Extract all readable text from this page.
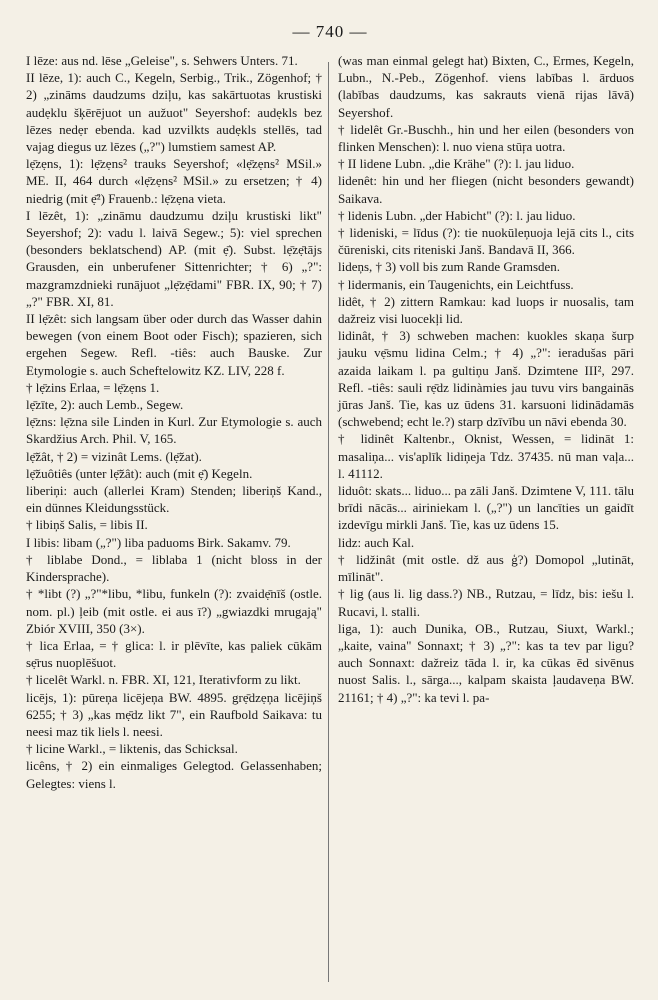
— 740 —

I lēze: aus nd. lēse „Geleise", s. Sehwers Unters. 71.

II lēze, 1): auch C., Kegeln, Serbig., Trik., Zögenhof; † 2) „zināms daudzums dziļu, kas sakārtuotas krustiski audẹklu šķērējuot un aužuot" Seyershof: audẹkls bez lēzes nedẹr ebenda. kad uzvilkts audẹkls stellēs, tad vajag diegus uz lēzes („?") lumstiem samest AP.

lẹ̄zẹns, 1): lẹ̄zẹns² trauks Seyershof; «lẹ̄zẹns² MSil.» ME. II, 464 durch «lẹ̄zẹns² MSil.» zu ersetzen; † 4) niedrig (mit ẹ̄²) Frauenb.: lẹ̄zẹna vieta.

I lēzêt, 1): „zināmu daudzumu dziļu krustiski likt" Seyershof; 2): vadu l. laivā Segew.; 5): viel sprechen (besonders beklatschend) AP. (mit ẹ̄). Subst. lẹ̄zẹ̄tājs Grausden, ein unberufener Sittenrichter; † 6) „?": mazgramzdnieki runājuot „lẹ̄zẹ̄dami" FBR. IX, 90; † 7) „?" FBR. XI, 81.

II lẹ̄zêt: sich langsam über oder durch das Wasser dahin bewegen (von einem Boot oder Fisch); spazieren, sich ergehen Segew. Refl. -tiês: auch Bauske. Zur Etymologie s. auch Scheftelowitz KZ. LIV, 228 f.

† lẹ̄zins Erlaa, = lẹ̄zẹns 1.

lẹ̄zīte, 2): auch Lemb., Segew.

lẹ̄zns: lẹ̄zna sile Linden in Kurl. Zur Etymologie s. auch Skardžius Arch. Phil. V, 165.

lẹ̄žât, † 2) = vizinât Lems. (lẹ̄žat).

lẹ̄žuôtiês (unter lẹ̄žât): auch (mit ẹ̄) Kegeln.

liberiņi: auch (allerlei Kram) Stenden; liberiņš Kand., ein dünnes Kleidungsstück.

† libiņš Salis, = libis II.

I libis: libam („?") liba paduoms Birk. Sakamv. 79.

† liblabe Dond., = liblaba 1 (nicht bloss in der Kindersprache).

† *libt (?) „?"*libu, *libu, funkeln (?): zvaidẹ̄nīš (ostle. nom. pl.) ļeib (mit ostle. ei aus ī?) „gwiazdki mrugają" Zbiór XVIII, 350 (3×).

† lica Erlaa, = † glica: l. ir plēvīte, kas paliek cūkām sẹ̄rus nuoplēšuot.

† licelêt Warkl. n. FBR. XI, 121, Iterativform zu likt.

licējs, 1): pūreņa licējeņa BW. 4895. grẹ̄dzẹņa licējiņš 6255; † 3) „kas mẹ̄dz likt 7", ein Raufbold Saikava: tu neesi maz tik liels l. neesi.

† licine Warkl., = liktenis, das Schicksal.

licêns, † 2) ein einmaliges Gelegtod. Gelassenhaben; Gelegtes: viens l.

(was man einmal gelegt hat) Bixten, C., Ermes, Kegeln, Lubn., N.-Peb., Zögenhof. viens labības l. ārduos (labības daudzums, kas sakrauts vienā rijas lāvā) Seyershof.

† lidelêt Gr.-Buschh., hin und her eilen (besonders von flinken Menschen): l. nuo viena stūŗa uotra.

† II lidene Lubn. „die Krähe" (?): l. jau liduo.

lidenêt: hin und her fliegen (nicht besonders gewandt) Saikava.

† lidenis Lubn. „der Habicht" (?): l. jau liduo.

† lideniski, = līdus (?): tie nuokūleņuoja lejā cits l., cits čūreniski, cits riteniski Janš. Bandavā II, 366.

lideņs, † 3) voll bis zum Rande Gramsden.

† lidermanis, ein Taugenichts, ein Leichtfuss.

lidêt, † 2) zittern Ramkau: kad luops ir nuosalis, tam dažreiz visi luocekļi lid.

lidinât, † 3) schweben machen: kuokles skaņa šurp jauku vẹ̄smu lidina Celm.; † 4) „?": ieradušas pāri azaida laikam l. pa gultiņu Janš. Dzimtene III², 297. Refl. -tiês: sauli rẹ̄dz lidinàmies jau tuvu virs bangainās jūras Janš. Tie, kas uz ūdens 31. karsuoni lidinādamās (schwebend; echt le.?) starp dzīvību un nāvi ebenda 30.

† lidinêt Kaltenbr., Oknist, Wessen, = lidināt 1: masaliņa... vis'aplīk lidiņeja Tdz. 37435. nū man vaļa... l. 41112.

liduôt: skats... liduo... pa zāli Janš. Dzimtene V, 111. tālu brīdi nācās... airiniekam l. („?") un lancīties un gaidīt izdevīgu mirkli Janš. Tie, kas uz ūdens 15.

lidz: auch Kal.

† lidžinât (mit ostle. dž aus ģ?) Domopol „lutināt, mīlināt".

† lig (aus li. lig dass.?) NB., Rutzau, = līdz, bis: iešu l. Rucavi, l. stalli.

liga, 1): auch Dunika, OB., Rutzau, Siuxt, Warkl.; „kaite, vaina" Sonnaxt; † 3) „?": kas ta tev par ligu? auch Sonnaxt: dažreiz tāda l. ir, ka cūkas ēd sivēnus nuost Salis. l., sārga..., kalpam skaista ļaudaveņa BW. 21161; † 4) „?": ka tevi l. pa-
